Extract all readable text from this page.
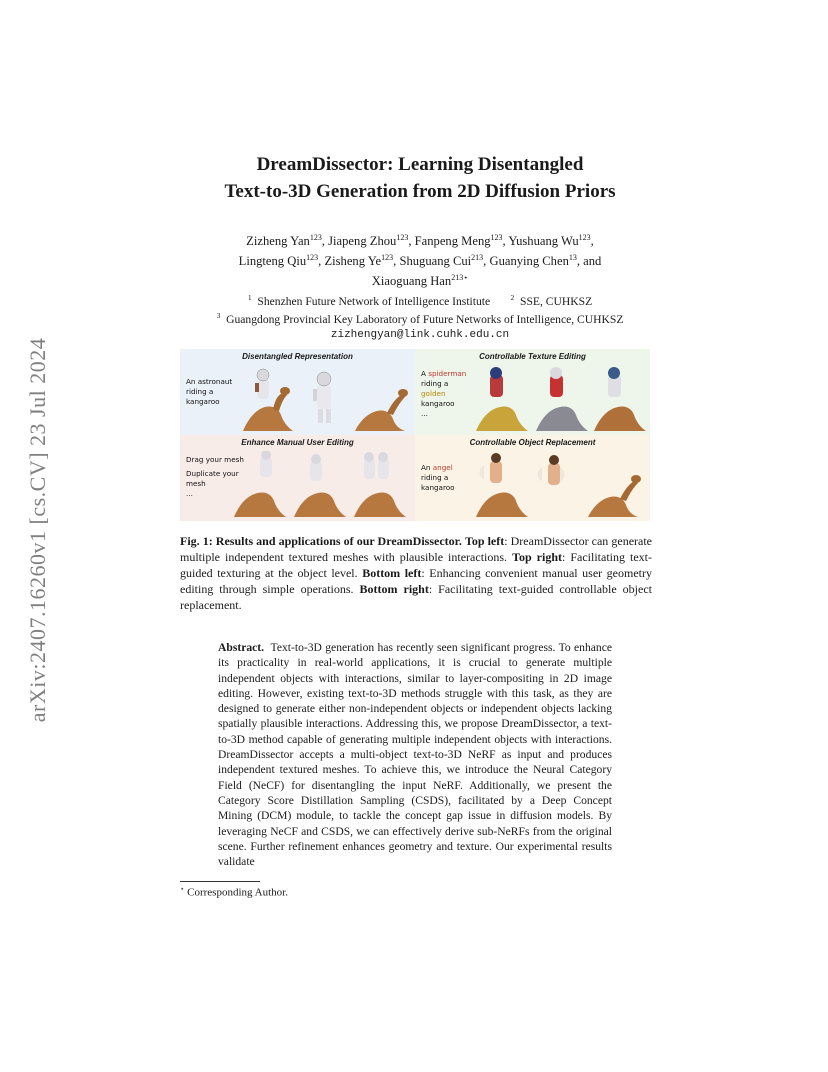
arXiv:2407.16260v1 [cs.CV] 23 Jul 2024
DreamDissector: Learning Disentangled
Text-to-3D Generation from 2D Diffusion Priors
Zizheng Yan$^{123}$, Jiapeng Zhou$^{123}$, Fanpeng Meng$^{123}$, Yushuang Wu$^{123}$,
Lingteng Qiu$^{123}$, Zisheng Ye$^{123}$, Shuguang Cui$^{213}$, Guanying Chen$^{13}$, and
Xiaoguang Han$^{213⋆}$
$^1$ Shenzhen Future Network of Intelligence Institute	$^2$ SSE, CUHKSZ
$^3$ Guangdong Provincial Key Laboratory of Future Networks of Intelligence, CUHKSZ
zizhengyan@link.cuhk.edu.cn
Disentangled Representation
An astronaut
riding a
kangaroo
Controllable Texture Editing
A spiderman
riding a
golden
kangaroo
...
Enhance Manual User Editing
Drag your mesh
Duplicate your
mesh
...
Controllable Object Replacement
An angel
riding a
kangaroo
Fig. 1: Results and applications of our DreamDissector. Top left: DreamDissector can generate multiple independent textured meshes with plausible interactions. Top right: Facilitating text-guided texturing at the object level. Bottom left: Enhancing convenient manual user geometry editing through simple operations. Bottom right: Facilitating text-guided controllable object replacement.
Abstract. Text-to-3D generation has recently seen significant progress. To enhance its practicality in real-world applications, it is crucial to generate multiple independent objects with interactions, similar to layer-compositing in 2D image editing. However, existing text-to-3D methods struggle with this task, as they are designed to generate either non-independent objects or independent objects lacking spatially plausible interactions. Addressing this, we propose DreamDissector, a text-to-3D method capable of generating multiple independent objects with interactions. DreamDissector accepts a multi-object text-to-3D NeRF as input and produces independent textured meshes. To achieve this, we introduce the Neural Category Field (NeCF) for disentangling the input NeRF. Additionally, we present the Category Score Distillation Sampling (CSDS), facilitated by a Deep Concept Mining (DCM) module, to tackle the concept gap issue in diffusion models. By leveraging NeCF and CSDS, we can effectively derive sub-NeRFs from the original scene. Further refinement enhances geometry and texture. Our experimental results validate
⋆ Corresponding Author.
